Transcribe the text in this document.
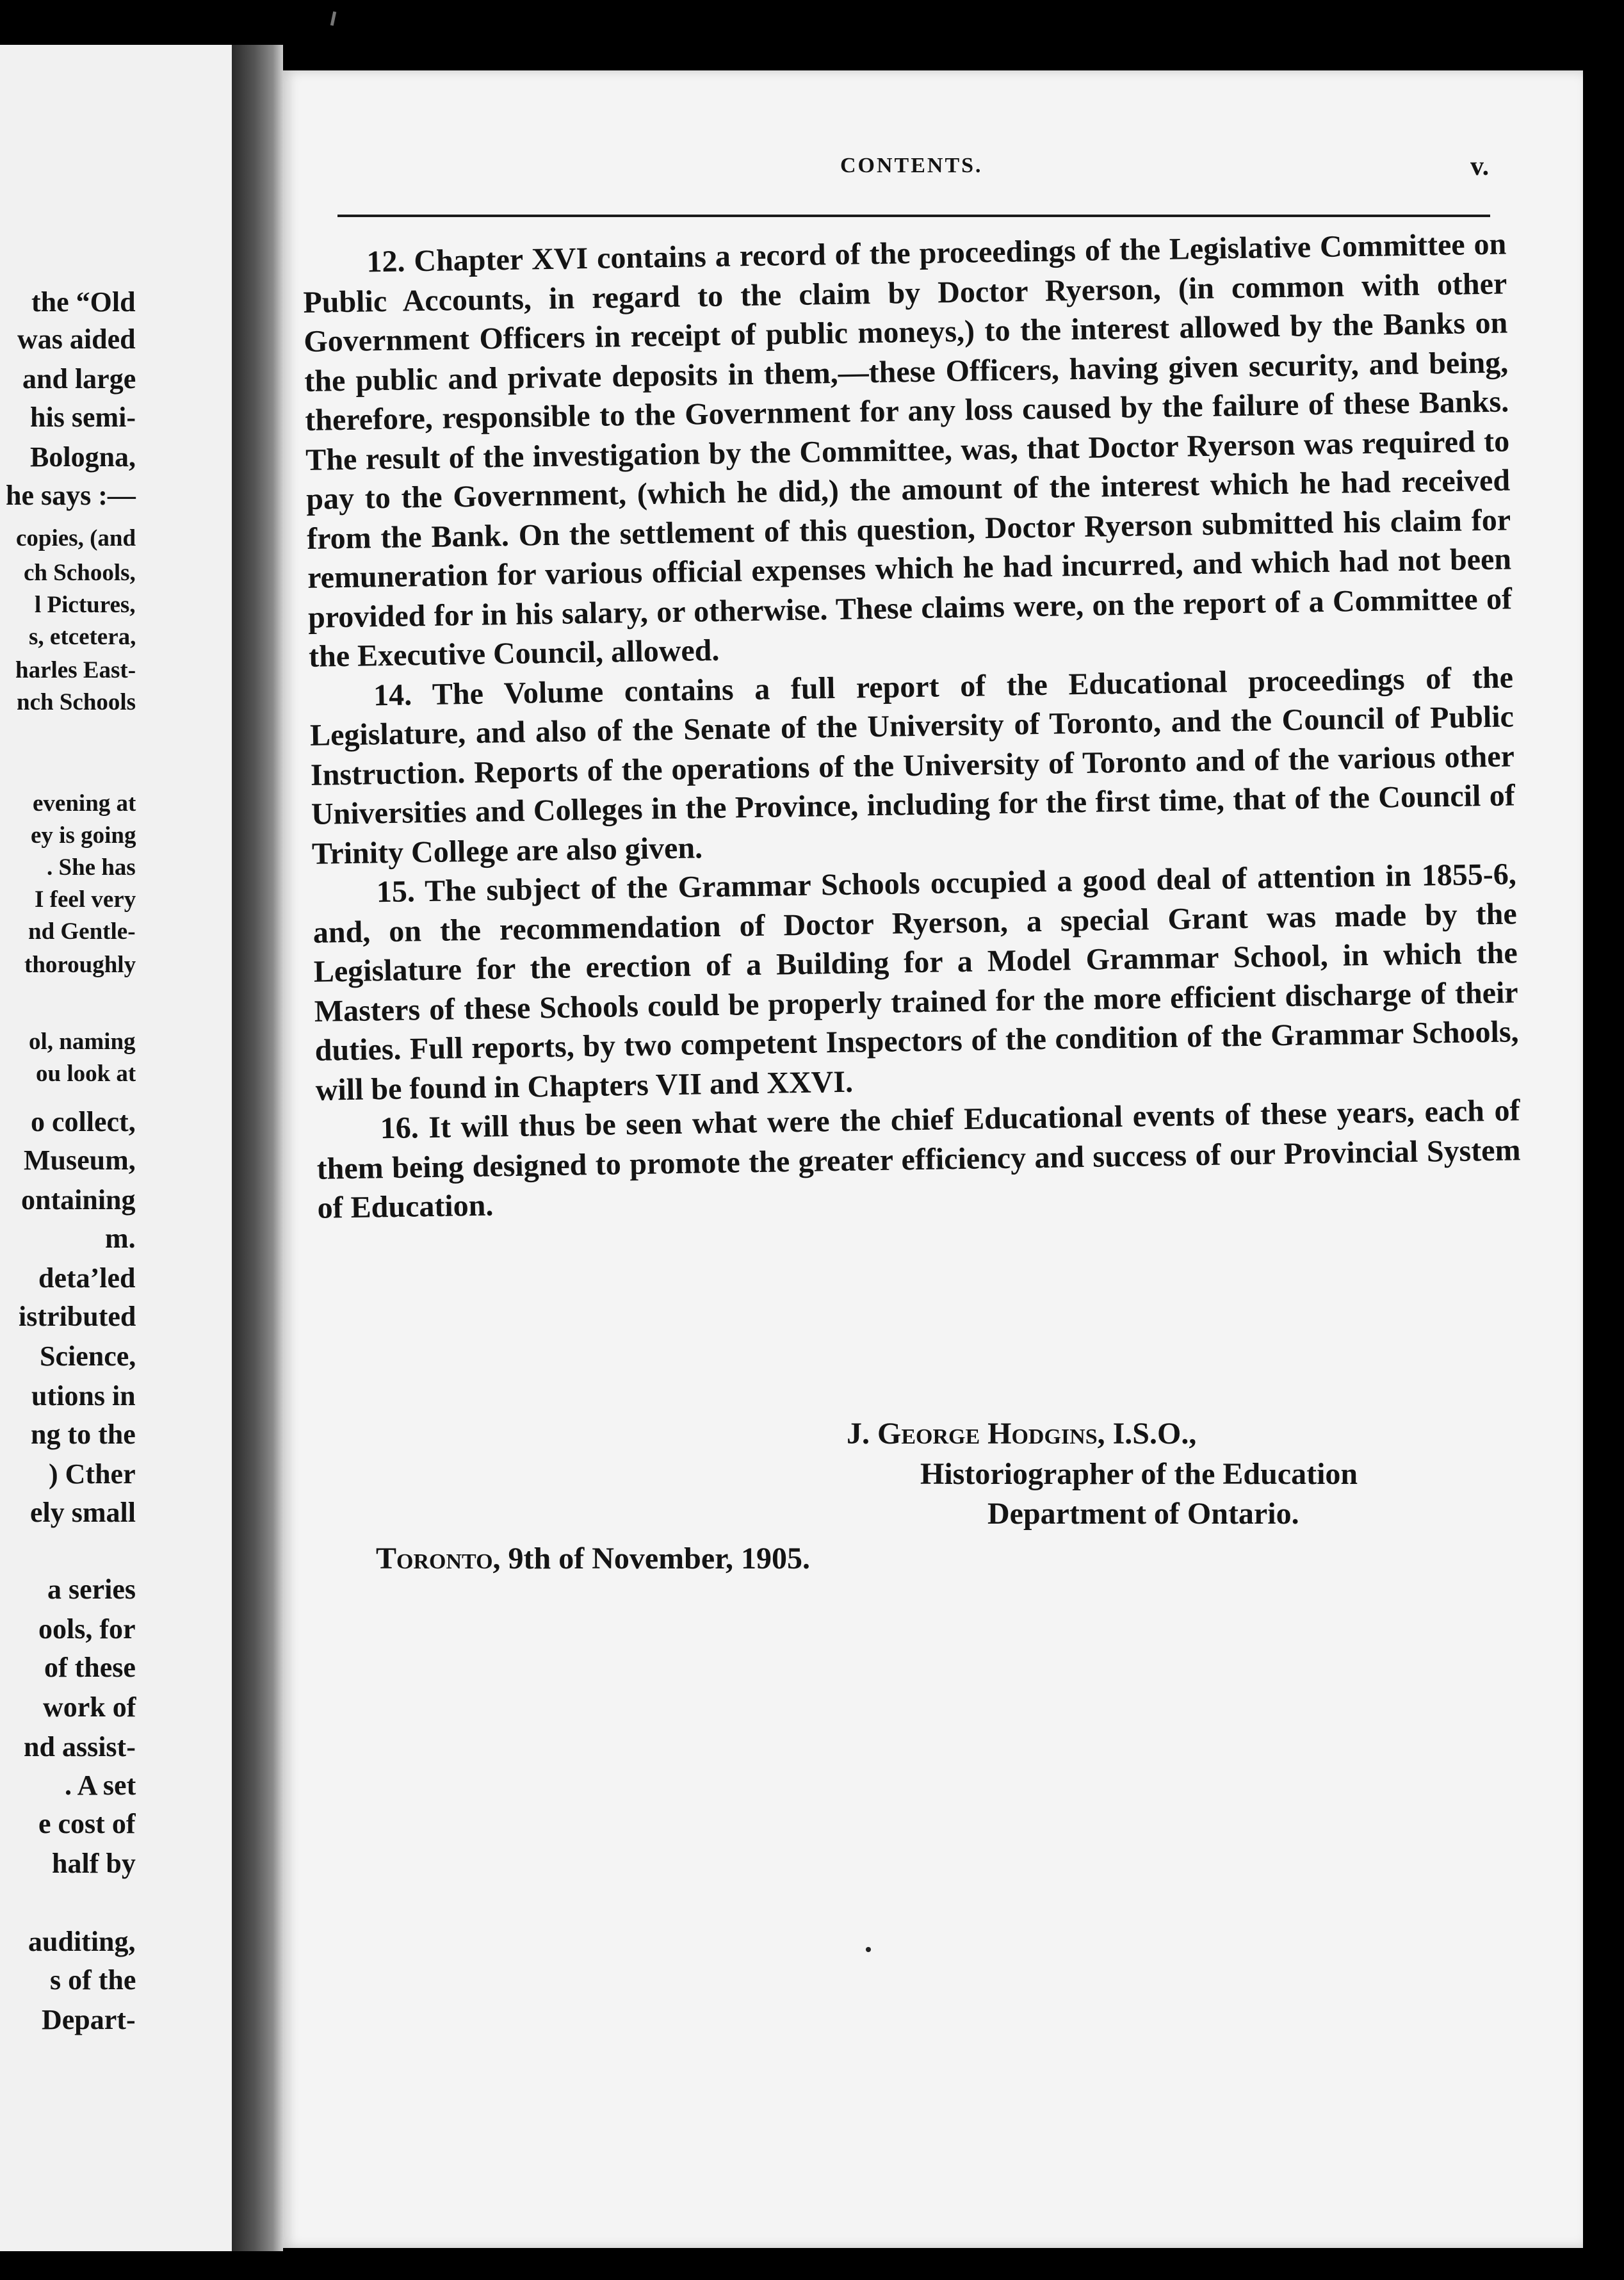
the “Old
was aided
and large
his semi-
Bologna,
he says :—
copies, (and
ch Schools,
l Pictures,
s, etcetera,
harles East-
nch Schools
evening at
ey is going
. She has
I feel very
nd Gentle-
thoroughly
ol, naming
ou look at
o collect,
Museum,
ontaining
m.
deta’led
istributed
Science,
utions in
ng to the
) Cther
ely small
a series
ools, for
of these
work of
nd assist-
. A set
e cost of
half by
auditing,
s of the
Depart-
CONTENTS.	v.

12. Chapter XVI contains a record of the proceedings of the Legislative Committee on Public Accounts, in regard to the claim by Doctor Ryerson, (in common with other Government Officers in receipt of public moneys,) to the interest allowed by the Banks on the public and private deposits in them,—these Officers, having given security, and being, therefore, responsible to the Government for any loss caused by the failure of these Banks. The result of the investigation by the Committee, was, that Doctor Ryerson was required to pay to the Government, (which he did,) the amount of the interest which he had received from the Bank. On the settlement of this question, Doctor Ryerson submitted his claim for remuneration for various official expenses which he had incurred, and which had not been provided for in his salary, or otherwise. These claims were, on the report of a Committee of the Executive Council, allowed.

14. The Volume contains a full report of the Educational proceedings of the Legislature, and also of the Senate of the University of Toronto, and the Council of Public Instruction. Reports of the operations of the University of Toronto and of the various other Universities and Colleges in the Province, including for the first time, that of the Council of Trinity College are also given.

15. The subject of the Grammar Schools occupied a good deal of attention in 1855-6, and, on the recommendation of Doctor Ryerson, a special Grant was made by the Legislature for the erection of a Building for a Model Grammar School, in which the Masters of these Schools could be properly trained for the more efficient discharge of their duties. Full reports, by two competent Inspectors of the condition of the Grammar Schools, will be found in Chapters VII and XXVI.

16. It will thus be seen what were the chief Educational events of these years, each of them being designed to promote the greater efficiency and success of our Provincial System of Education.

J. George Hodgins, I.S.O.,
Historiographer of the Education
Department of Ontario.
Toronto, 9th of November, 1905.
